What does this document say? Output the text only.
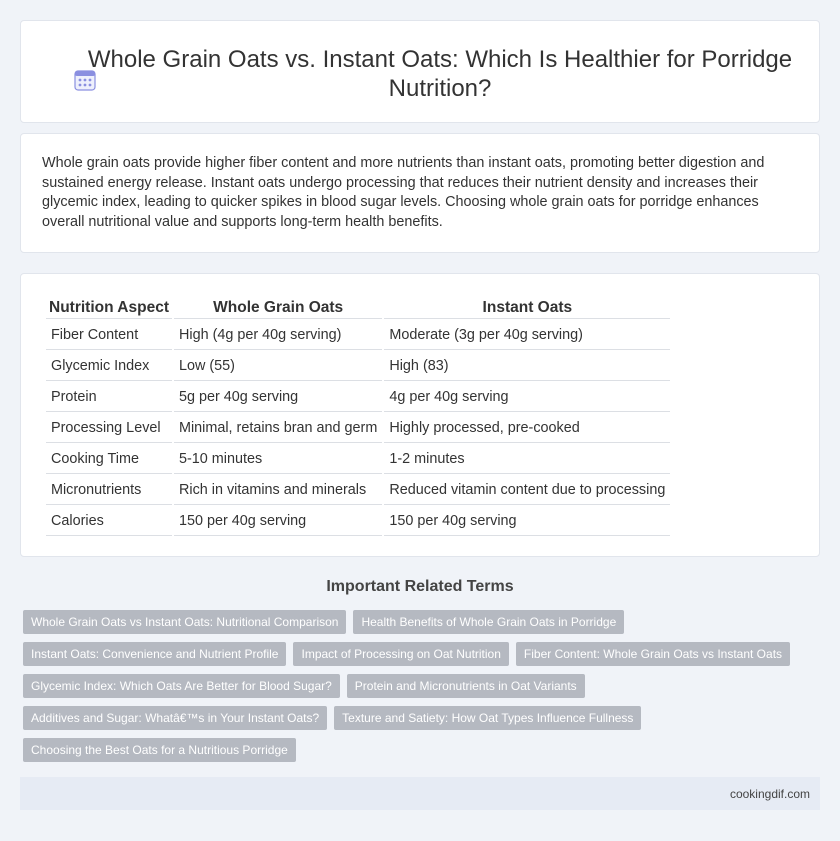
Whole Grain Oats vs. Instant Oats: Which Is Healthier for Porridge Nutrition?

Whole grain oats provide higher fiber content and more nutrients than instant oats, promoting better digestion and sustained energy release. Instant oats undergo processing that reduces their nutrient density and increases their glycemic index, leading to quicker spikes in blood sugar levels. Choosing whole grain oats for porridge enhances overall nutritional value and supports long-term health benefits.

Nutrition Aspect	Whole Grain Oats	Instant Oats
Fiber Content	High (4g per 40g serving)	Moderate (3g per 40g serving)
Glycemic Index	Low (55)	High (83)
Protein	5g per 40g serving	4g per 40g serving
Processing Level	Minimal, retains bran and germ	Highly processed, pre-cooked
Cooking Time	5-10 minutes	1-2 minutes
Micronutrients	Rich in vitamins and minerals	Reduced vitamin content due to processing
Calories	150 per 40g serving	150 per 40g serving
Important Related Terms
Whole Grain Oats vs Instant Oats: Nutritional Comparison	Health Benefits of Whole Grain Oats in Porridge
Instant Oats: Convenience and Nutrient Profile	Impact of Processing on Oat Nutrition	Fiber Content: Whole Grain Oats vs Instant Oats
Glycemic Index: Which Oats Are Better for Blood Sugar?	Protein and Micronutrients in Oat Variants
Additives and Sugar: Whatâ€™s in Your Instant Oats?	Texture and Satiety: How Oat Types Influence Fullness
Choosing the Best Oats for a Nutritious Porridge
cookingdif.com
